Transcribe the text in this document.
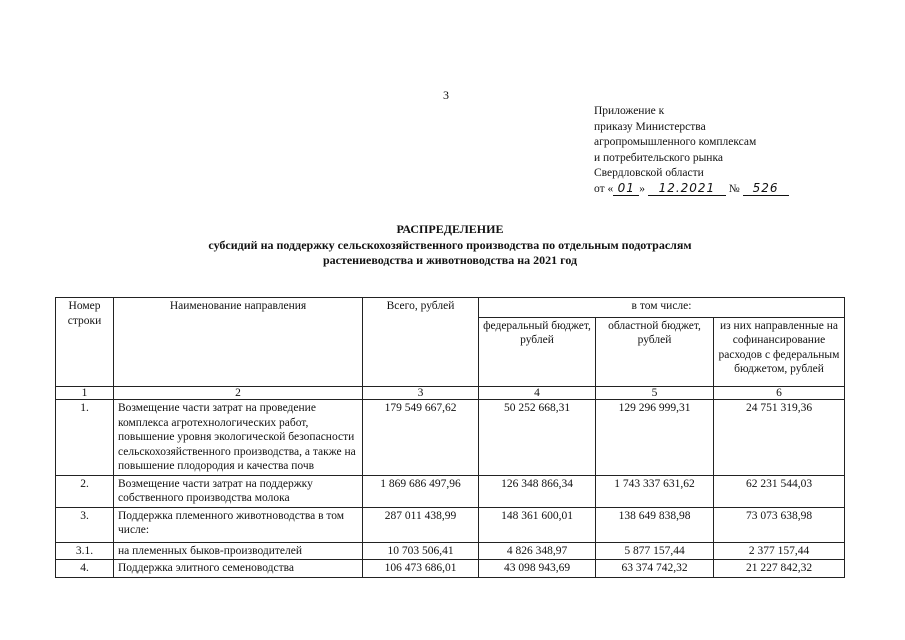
3
Приложение к
приказу Министерства
агропромышленного комплексам
и потребительского рынка
Свердловской области
от « 01 » 12.2021 № 526
РАСПРЕДЕЛЕНИЕ
субсидий на поддержку сельскохозяйственного производства по отдельным подотраслям
растениеводства и животноводства на 2021 год
Номер строки	Наименование направления	Всего, рублей	в том числе:		
			федеральный бюджет, рублей	областной бюджет, рублей	из них направленные на софинансирование расходов с федеральным бюджетом, рублей
1	2	3	4	5	6
1.	Возмещение части затрат на проведение комплекса агротехнологических работ, повышение уровня экологической безопасности сельскохозяйственного производства, а также на повышение плодородия и качества почв	179 549 667,62	50 252 668,31	129 296 999,31	24 751 319,36
2.	Возмещение части затрат на поддержку собственного производства молока	1 869 686 497,96	126 348 866,34	1 743 337 631,62	62 231 544,03
3.	Поддержка племенного животноводства в том числе:	287 011 438,99	148 361 600,01	138 649 838,98	73 073 638,98
3.1.	на племенных быков-производителей	10 703 506,41	4 826 348,97	5 877 157,44	2 377 157,44
4.	Поддержка элитного семеноводства	106 473 686,01	43 098 943,69	63 374 742,32	21 227 842,32
